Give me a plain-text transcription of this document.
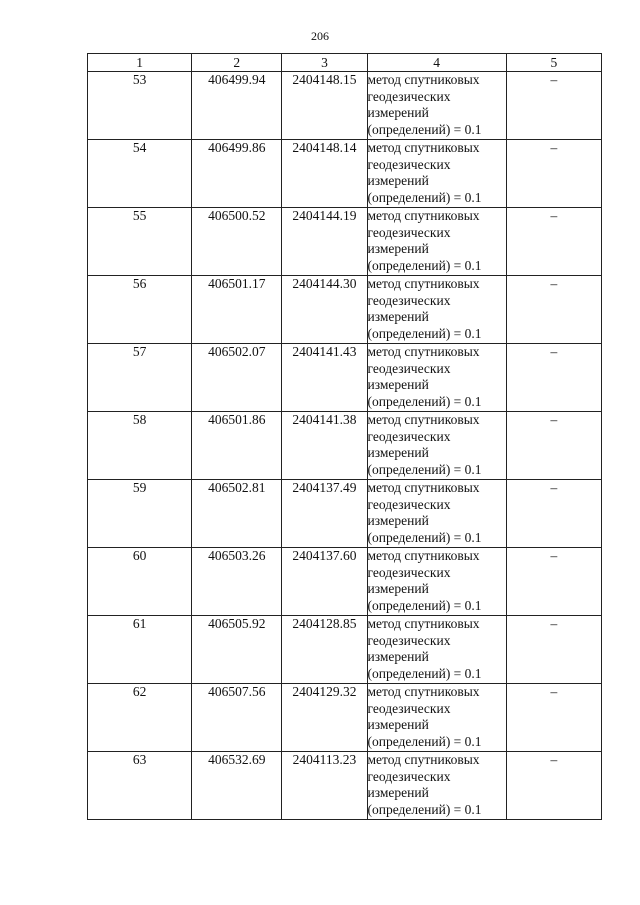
206
1	2	3	4	5
53	406499.94	2404148.15	метод спутниковых геодезических измерений (определений) = 0.1	–
54	406499.86	2404148.14	метод спутниковых геодезических измерений (определений) = 0.1	–
55	406500.52	2404144.19	метод спутниковых геодезических измерений (определений) = 0.1	–
56	406501.17	2404144.30	метод спутниковых геодезических измерений (определений) = 0.1	–
57	406502.07	2404141.43	метод спутниковых геодезических измерений (определений) = 0.1	–
58	406501.86	2404141.38	метод спутниковых геодезических измерений (определений) = 0.1	–
59	406502.81	2404137.49	метод спутниковых геодезических измерений (определений) = 0.1	–
60	406503.26	2404137.60	метод спутниковых геодезических измерений (определений) = 0.1	–
61	406505.92	2404128.85	метод спутниковых геодезических измерений (определений) = 0.1	–
62	406507.56	2404129.32	метод спутниковых геодезических измерений (определений) = 0.1	–
63	406532.69	2404113.23	метод спутниковых геодезических измерений (определений) = 0.1	–
